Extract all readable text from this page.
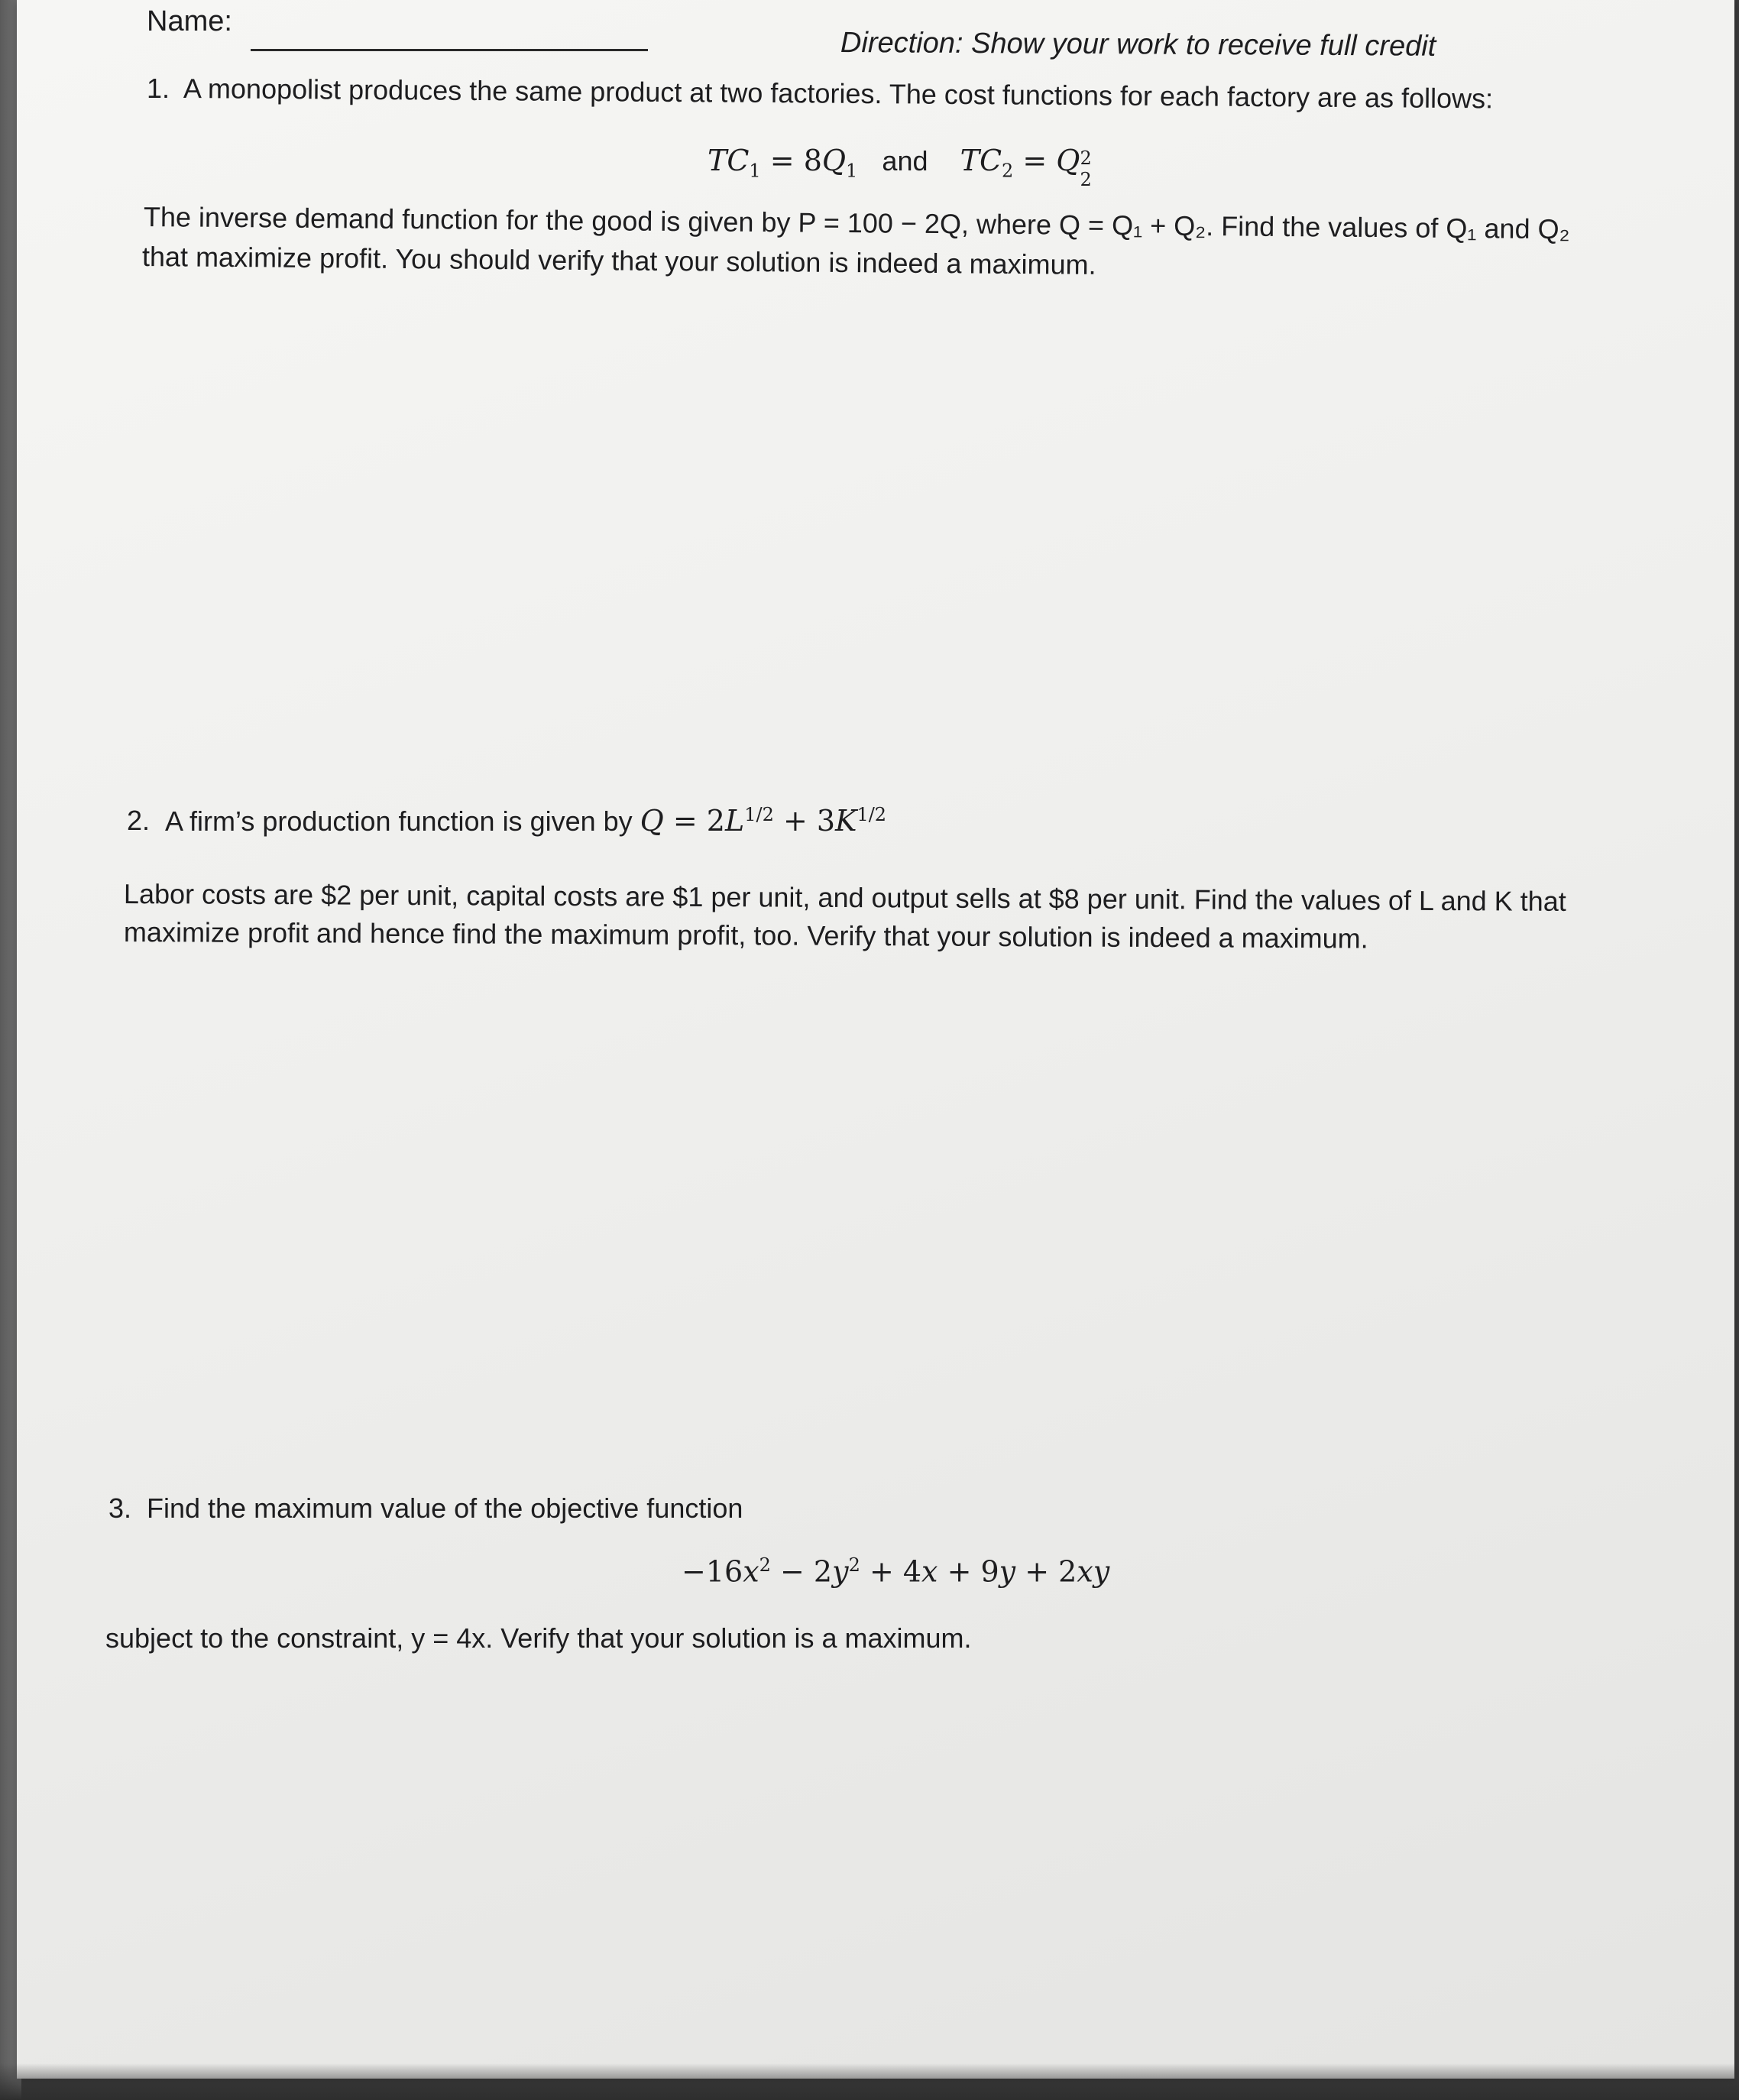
Name:
Direction: Show your work to receive full credit
1. A monopolist produces the same product at two factories. The cost functions for each factory are as follows:
$TC_1 = 8Q_1$   and    $TC_2 = Q$ 2
2
The inverse demand function for the good is given by P = 100 − 2Q, where Q = Q₁ + Q₂. Find the values of Q₁ and Q₂
that maximize profit. You should verify that your solution is indeed a maximum.
2. A firm’s production function is given by $Q = 2L^{1/2} + 3K^{1/2}$
Labor costs are $2 per unit, capital costs are $1 per unit, and output sells at $8 per unit. Find the values of L and K that
maximize profit and hence find the maximum profit, too. Verify that your solution is indeed a maximum.
3. Find the maximum value of the objective function
$-16x^2 - 2y^2 + 4x + 9y + 2xy$
subject to the constraint, y = 4x. Verify that your solution is a maximum.
